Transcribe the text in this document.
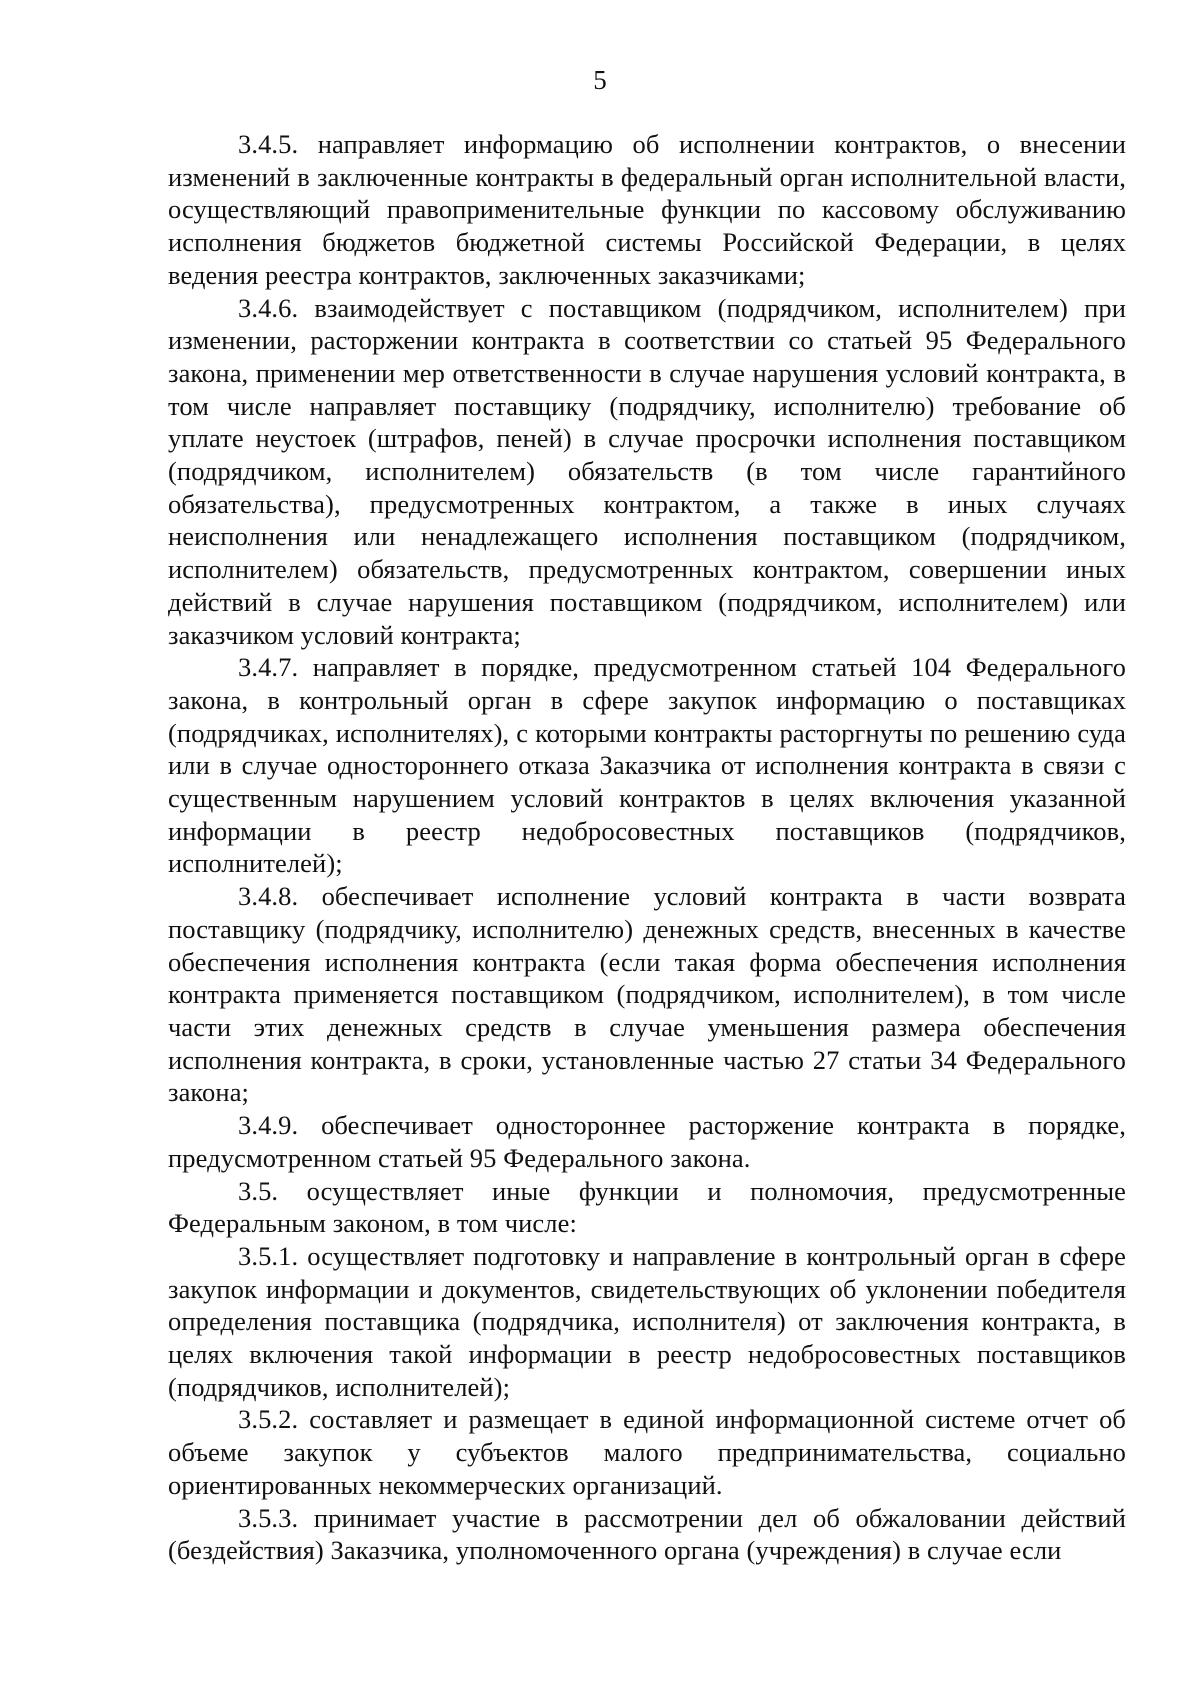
5

3.4.5. направляет информацию об исполнении контрактов, о внесении изменений в заключенные контракты в федеральный орган исполнительной власти, осуществляющий правоприменительные функции по кассовому обслуживанию исполнения бюджетов бюджетной системы Российской Федерации, в целях ведения реестра контрактов, заключенных заказчиками;

3.4.6. взаимодействует с поставщиком (подрядчиком, исполнителем) при изменении, расторжении контракта в соответствии со статьей 95 Федерального закона, применении мер ответственности в случае нарушения условий контракта, в том числе направляет поставщику (подрядчику, исполнителю) требование об уплате неустоек (штрафов, пеней) в случае просрочки исполнения поставщиком (подрядчиком, исполнителем) обязательств (в том числе гарантийного обязательства), предусмотренных контрактом, а также в иных случаях неисполнения или ненадлежащего исполнения поставщиком (подрядчиком, исполнителем) обязательств, предусмотренных контрактом, совершении иных действий в случае нарушения поставщиком (подрядчиком, исполнителем) или заказчиком условий контракта;

3.4.7. направляет в порядке, предусмотренном статьей 104 Федерального закона, в контрольный орган в сфере закупок информацию о поставщиках (подрядчиках, исполнителях), с которыми контракты расторгнуты по решению суда или в случае одностороннего отказа Заказчика от исполнения контракта в связи с существенным нарушением условий контрактов в целях включения указанной информации в реестр недобросовестных поставщиков (подрядчиков, исполнителей);

3.4.8. обеспечивает исполнение условий контракта в части возврата поставщику (подрядчику, исполнителю) денежных средств, внесенных в качестве обеспечения исполнения контракта (если такая форма обеспечения исполнения контракта применяется поставщиком (подрядчиком, исполнителем), в том числе части этих денежных средств в случае уменьшения размера обеспечения исполнения контракта, в сроки, установленные частью 27 статьи 34 Федерального закона;

3.4.9. обеспечивает одностороннее расторжение контракта в порядке, предусмотренном статьей 95 Федерального закона.

3.5. осуществляет иные функции и полномочия, предусмотренные Федеральным законом, в том числе:

3.5.1. осуществляет подготовку и направление в контрольный орган в сфере закупок информации и документов, свидетельствующих об уклонении победителя определения поставщика (подрядчика, исполнителя) от заключения контракта, в целях включения такой информации в реестр недобросовестных поставщиков (подрядчиков, исполнителей);

3.5.2. составляет и размещает в единой информационной системе отчет об объеме закупок у субъектов малого предпринимательства, социально ориентированных некоммерческих организаций.

3.5.3. принимает участие в рассмотрении дел об обжаловании действий (бездействия) Заказчика, уполномоченного органа (учреждения) в случае если
